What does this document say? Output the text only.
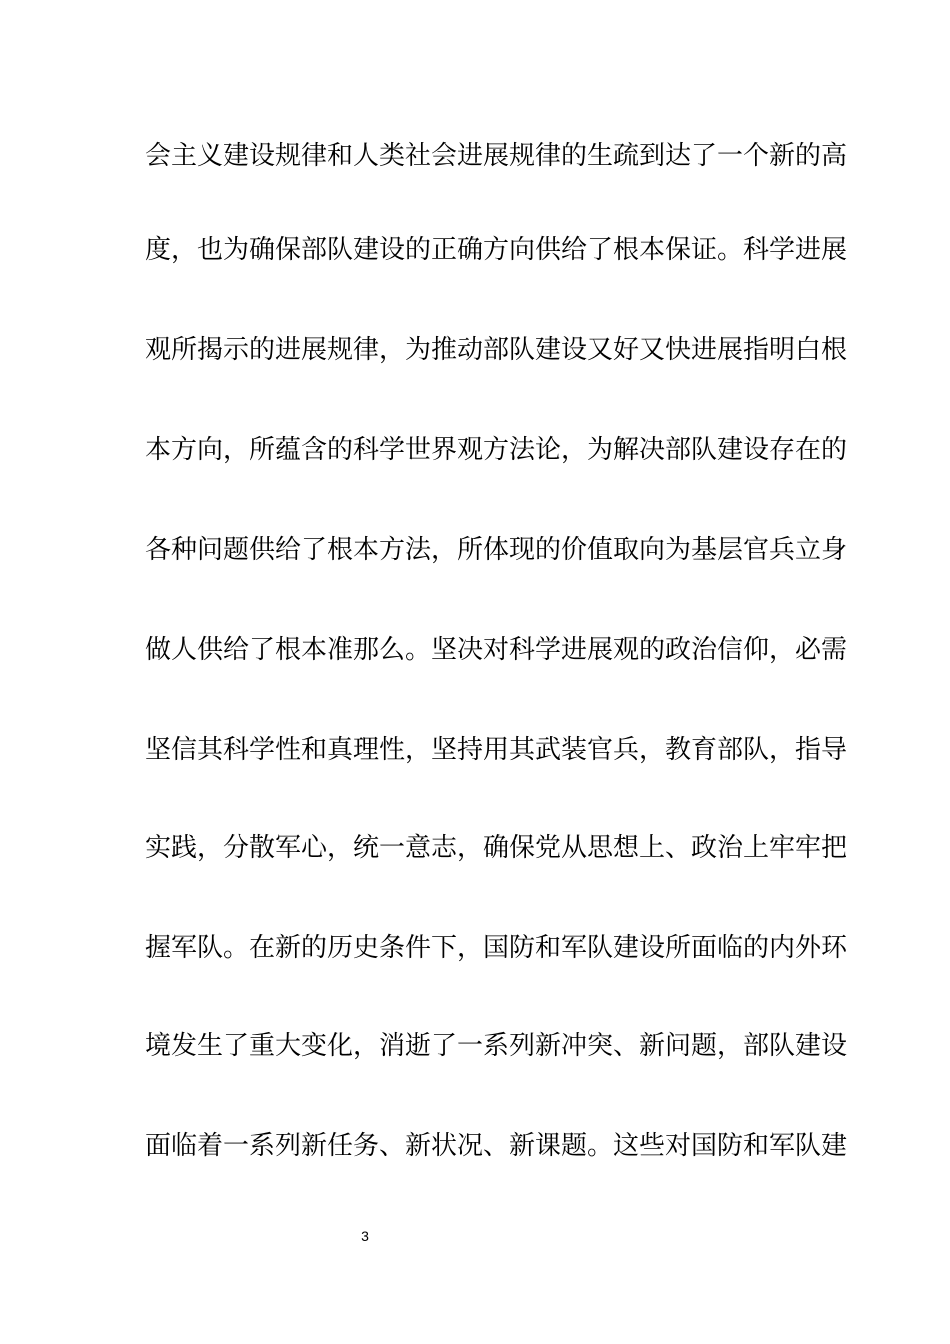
会主义建设规律和人类社会进展规律的生疏到达了一个新的高
度，也为确保部队建设的正确方向供给了根本保证。科学进展
观所揭示的进展规律，为推动部队建设又好又快进展指明白根
本方向，所蕴含的科学世界观方法论，为解决部队建设存在的
各种问题供给了根本方法，所体现的价值取向为基层官兵立身
做人供给了根本准那么。坚决对科学进展观的政治信仰，必需
坚信其科学性和真理性，坚持用其武装官兵，教育部队，指导
实践，分散军心，统一意志，确保党从思想上、政治上牢牢把
握军队。在新的历史条件下，国防和军队建设所面临的内外环
境发生了重大变化，消逝了一系列新冲突、新问题，部队建设
面临着一系列新任务、新状况、新课题。这些对国防和军队建
3
